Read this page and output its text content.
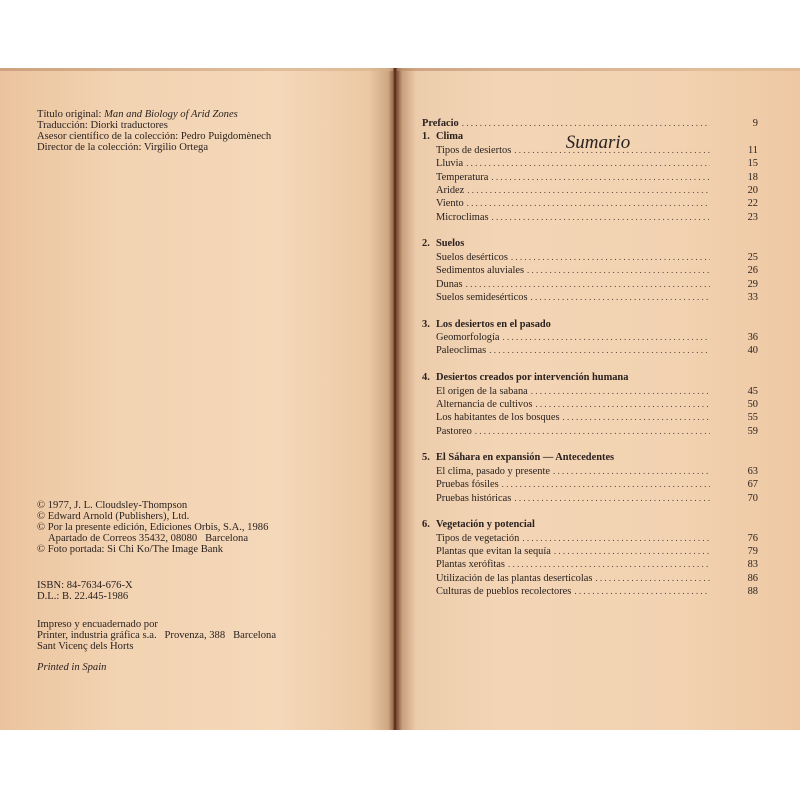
Título original: Man and Biology of Arid Zones
Traducción: Diorki traductores
Asesor científico de la colección: Pedro Puigdomènech
Director de la colección: Virgilio Ortega
© 1977, J. L. Cloudsley-Thompson
© Edward Arnold (Publishers), Ltd.
© Por la presente edición, Ediciones Orbis, S.A., 1986
Apartado de Correos 35432, 08080   Barcelona
© Foto portada: Si Chi Ko/The Image Bank
ISBN: 84-7634-676-X
D.L.: B. 22.445-1986
Impreso y encuadernado por
Printer, industria gráfica s.a.   Provenza, 388   Barcelona
Sant Vicenç dels Horts
Printed in Spain
Sumario
Prefacio . . .	9
1. Clima
Tipos de desiertos . . .	11
Lluvia . . .	15
Temperatura . . .	18
Aridez . . .	20
Viento . . .	22
Microclimas . . .	23
2. Suelos
Suelos desérticos . . .	25
Sedimentos aluviales . . .	26
Dunas . . .	29
Suelos semidesérticos . . .	33
3. Los desiertos en el pasado
Geomorfología . . .	36
Paleoclimas . . .	40
4. Desiertos creados por intervención humana
El origen de la sabana . . .	45
Alternancia de cultivos . . .	50
Los habitantes de los bosques . . .	55
Pastoreo . . .	59
5. El Sáhara en expansión — Antecedentes
El clima, pasado y presente . . .	63
Pruebas fósiles . . .	67
Pruebas históricas . . .	70
6. Vegetación y potencial
Tipos de vegetación . . .	76
Plantas que evitan la sequía . . .	79
Plantas xerófitas . . .	83
Utilización de las plantas deserticolas . . .	86
Culturas de pueblos recolectores . . .	88
